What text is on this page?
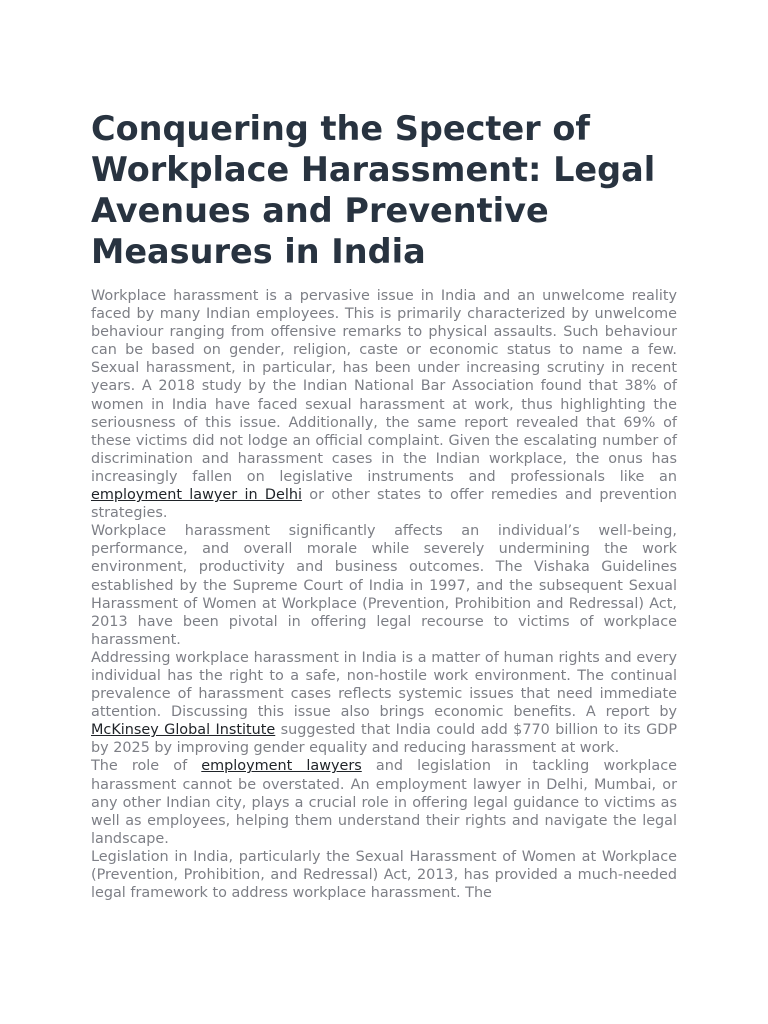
Conquering the Specter of Workplace Harassment: Legal Avenues and Preventive Measures in India

Workplace harassment is a pervasive issue in India and an unwelcome reality faced by many Indian employees. This is primarily characterized by unwelcome behaviour ranging from offensive remarks to physical assaults. Such behaviour can be based on gender, religion, caste or economic status to name a few. Sexual harassment, in particular, has been under increasing scrutiny in recent years. A 2018 study by the Indian National Bar Association found that 38% of women in India have faced sexual harassment at work, thus highlighting the seriousness of this issue. Additionally, the same report revealed that 69% of these victims did not lodge an official complaint. Given the escalating number of discrimination and harassment cases in the Indian workplace, the onus has increasingly fallen on legislative instruments and professionals like an employment lawyer in Delhi or other states to offer remedies and prevention strategies.

Workplace harassment significantly affects an individual’s well-being, performance, and overall morale while severely undermining the work environment, productivity and business outcomes. The Vishaka Guidelines established by the Supreme Court of India in 1997, and the subsequent Sexual Harassment of Women at Workplace (Prevention, Prohibition and Redressal) Act, 2013 have been pivotal in offering legal recourse to victims of workplace harassment.

Addressing workplace harassment in India is a matter of human rights and every individual has the right to a safe, non-hostile work environment. The continual prevalence of harassment cases reflects systemic issues that need immediate attention. Discussing this issue also brings economic benefits. A report by McKinsey Global Institute suggested that India could add $770 billion to its GDP by 2025 by improving gender equality and reducing harassment at work.

The role of employment lawyers and legislation in tackling workplace harassment cannot be overstated. An employment lawyer in Delhi, Mumbai, or any other Indian city, plays a crucial role in offering legal guidance to victims as well as employees, helping them understand their rights and navigate the legal landscape.

Legislation in India, particularly the Sexual Harassment of Women at Workplace (Prevention, Prohibition, and Redressal) Act, 2013, has provided a much-needed legal framework to address workplace harassment. The
